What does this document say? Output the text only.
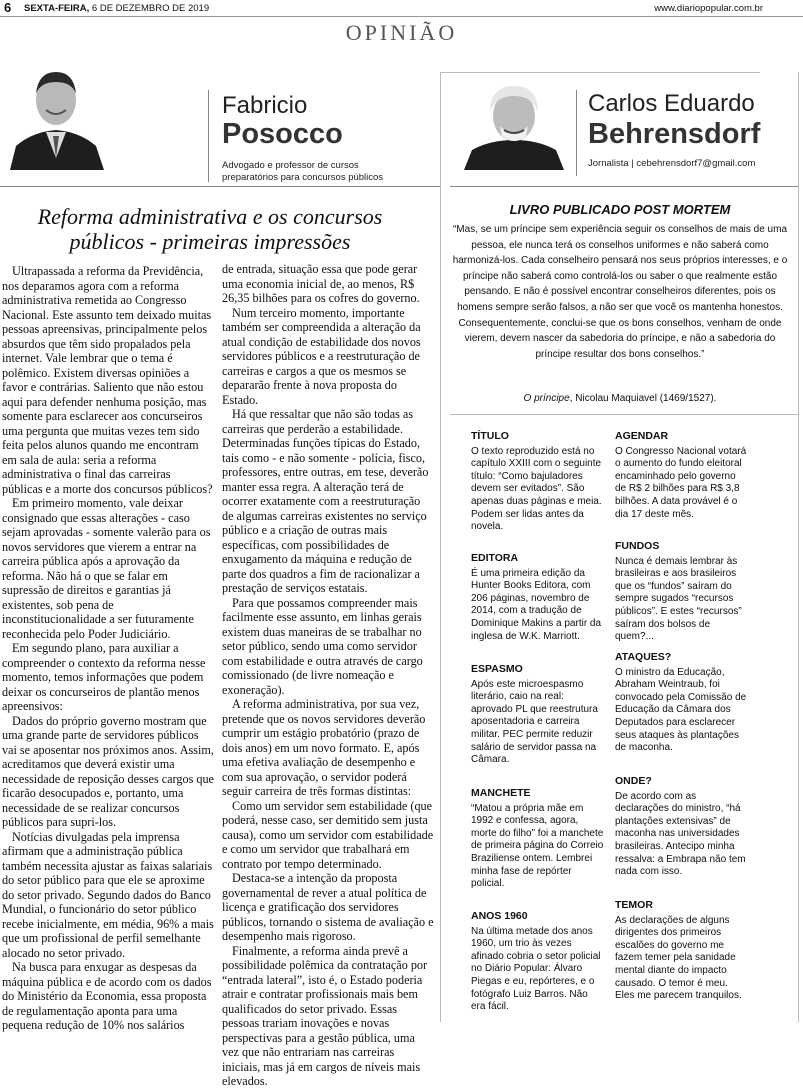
6 SEXTA-FEIRA, 6 DE DEZEMBRO DE 2019	www.diariopopular.com.br
OPINIÃO
Fabricio
Posocco
Advogado e professor de cursos preparatórios para concursos públicos
Carlos Eduardo
Behrensdorf
Jornalista | cebehrensdorf7@gmail.com
Reforma administrativa e os concursos públicos - primeiras impressões

Ultrapassada a reforma da Previdência, nos deparamos agora com a reforma administrativa remetida ao Congresso Nacional. Este assunto tem deixado muitas pessoas apreensivas, principalmente pelos absurdos que têm sido propalados pela internet. Vale lembrar que o tema é polêmico. Existem diversas opiniões a favor e contrárias. Saliento que não estou aqui para defender nenhuma posição, mas somente para esclarecer aos concurseiros uma pergunta que muitas vezes tem sido feita pelos alunos quando me encontram em sala de aula: seria a reforma administrativa o final das carreiras públicas e a morte dos concursos públicos?

Em primeiro momento, vale deixar consignado que essas alterações - caso sejam aprovadas - somente valerão para os novos servidores que vierem a entrar na carreira pública após a aprovação da reforma. Não há o que se falar em supressão de direitos e garantias já existentes, sob pena de inconstitucionalidade a ser futuramente reconhecida pelo Poder Judiciário.

Em segundo plano, para auxiliar a compreender o contexto da reforma nesse momento, temos informações que podem deixar os concurseiros de plantão menos apreensivos:

Dados do próprio governo mostram que uma grande parte de servidores públicos vai se aposentar nos próximos anos. Assim, acreditamos que deverá existir uma necessidade de reposição desses cargos que ficarão desocupados e, portanto, uma necessidade de se realizar concursos públicos para supri-los.

Notícias divulgadas pela imprensa afirmam que a administração pública também necessita ajustar as faixas salariais do setor público para que ele se aproxime do setor privado. Segundo dados do Banco Mundial, o funcionário do setor público recebe inicialmente, em média, 96% a mais que um profissional de perfil semelhante alocado no setor privado.

Na busca para enxugar as despesas da máquina pública e de acordo com os dados do Ministério da Economia, essa proposta de regulamentação aponta para uma pequena redução de 10% nos salários

de entrada, situação essa que pode gerar uma economia inicial de, ao menos, R$ 26,35 bilhões para os cofres do governo.

Num terceiro momento, importante também ser compreendida a alteração da atual condição de estabilidade dos novos servidores públicos e a reestruturação de carreiras e cargos a que os mesmos se depararão frente à nova proposta do Estado.

Há que ressaltar que não são todas as carreiras que perderão a estabilidade. Determinadas funções típicas do Estado, tais como - e não somente - polícia, fisco, professores, entre outras, em tese, deverão manter essa regra. A alteração terá de ocorrer exatamente com a reestruturação de algumas carreiras existentes no serviço público e a criação de outras mais específicas, com possibilidades de enxugamento da máquina e redução de parte dos quadros a fim de racionalizar a prestação de serviços estatais.

Para que possamos compreender mais facilmente esse assunto, em linhas gerais existem duas maneiras de se trabalhar no setor público, sendo uma como servidor com estabilidade e outra através de cargo comissionado (de livre nomeação e exoneração).

A reforma administrativa, por sua vez, pretende que os novos servidores deverão cumprir um estágio probatório (prazo de dois anos) em um novo formato. E, após uma efetiva avaliação de desempenho e com sua aprovação, o servidor poderá seguir carreira de três formas distintas:

Como um servidor sem estabilidade (que poderá, nesse caso, ser demitido sem justa causa), como um servidor com estabilidade e como um servidor que trabalhará em contrato por tempo determinado.

Destaca-se a intenção da proposta governamental de rever a atual política de licença e gratificação dos servidores públicos, tornando o sistema de avaliação e desempenho mais rigoroso.

Finalmente, a reforma ainda prevê a possibilidade polêmica da contratação por “entrada lateral”, isto é, o Estado poderia atrair e contratar profissionais mais bem qualificados do setor privado. Essas pessoas trariam inovações e novas perspectivas para a gestão pública, uma vez que não entrariam nas carreiras iniciais, mas já em cargos de níveis mais elevados.

LIVRO PUBLICADO POST MORTEM
“Mas, se um príncipe sem experiência seguir os conselhos de mais de uma pessoa, ele nunca terá os conselhos uniformes e não saberá como harmonizá-los. Cada conselheiro pensará nos seus próprios interesses, e o príncipe não saberá como controlá-los ou saber o que realmente estão pensando. E não é possível encontrar conselheiros diferentes, pois os homens sempre serão falsos, a não ser que você os mantenha honestos. Consequentemente, conclui-se que os bons conselhos, venham de onde vierem, devem nascer da sabedoria do príncipe, e não a sabedoria do príncipe resultar dos bons conselhos.”
O príncipe, Nicolau Maquiavel (1469/1527).
TÍTULO

O texto reproduzido está no capítulo XXIII com o seguinte título: “Como bajuladores devem ser evitados”. São apenas duas páginas e meia. Podem ser lidas antes da novela.

EDITORA

É uma primeira edição da Hunter Books Editora, com 206 páginas, novembro de 2014, com a tradução de Dominique Makins a partir da inglesa de W.K. Marriott.

ESPASMO

Após este microespasmo literário, caio na real: aprovado PL que reestrutura aposentadoria e carreira militar. PEC permite reduzir salário de servidor passa na Câmara.

MANCHETE

“Matou a própria mãe em 1992 e confessa, agora, morte do filho” foi a manchete de primeira página do Correio Braziliense ontem. Lembrei minha fase de repórter policial.

ANOS 1960

Na última metade dos anos 1960, um trio às vezes afinado cobria o setor policial no Diário Popular: Álvaro Piegas e eu, repórteres, e o fotógrafo Luiz Barros. Não era fácil.

AGENDAR

O Congresso Nacional votará o aumento do fundo eleitoral encaminhado pelo governo de R$ 2 bilhões para R$ 3,8 bilhões. A data provável é o dia 17 deste mês.

FUNDOS

Nunca é demais lembrar às brasileiras e aos brasileiros que os “fundos” saíram do sempre sugados “recursos públicos”. E estes “recursos” saíram dos bolsos de quem?...

ATAQUES?

O ministro da Educação, Abraham Weintraub, foi convocado pela Comissão de Educação da Câmara dos Deputados para esclarecer seus ataques às plantações de maconha.

ONDE?

De acordo com as declarações do ministro, “há plantações extensivas” de maconha nas universidades brasileiras. Antecipo minha ressalva: a Embrapa não tem nada com isso.

TEMOR

As declarações de alguns dirigentes dos primeiros escalões do governo me fazem temer pela sanidade mental diante do impacto causado. O temor é meu. Eles me parecem tranquilos.
